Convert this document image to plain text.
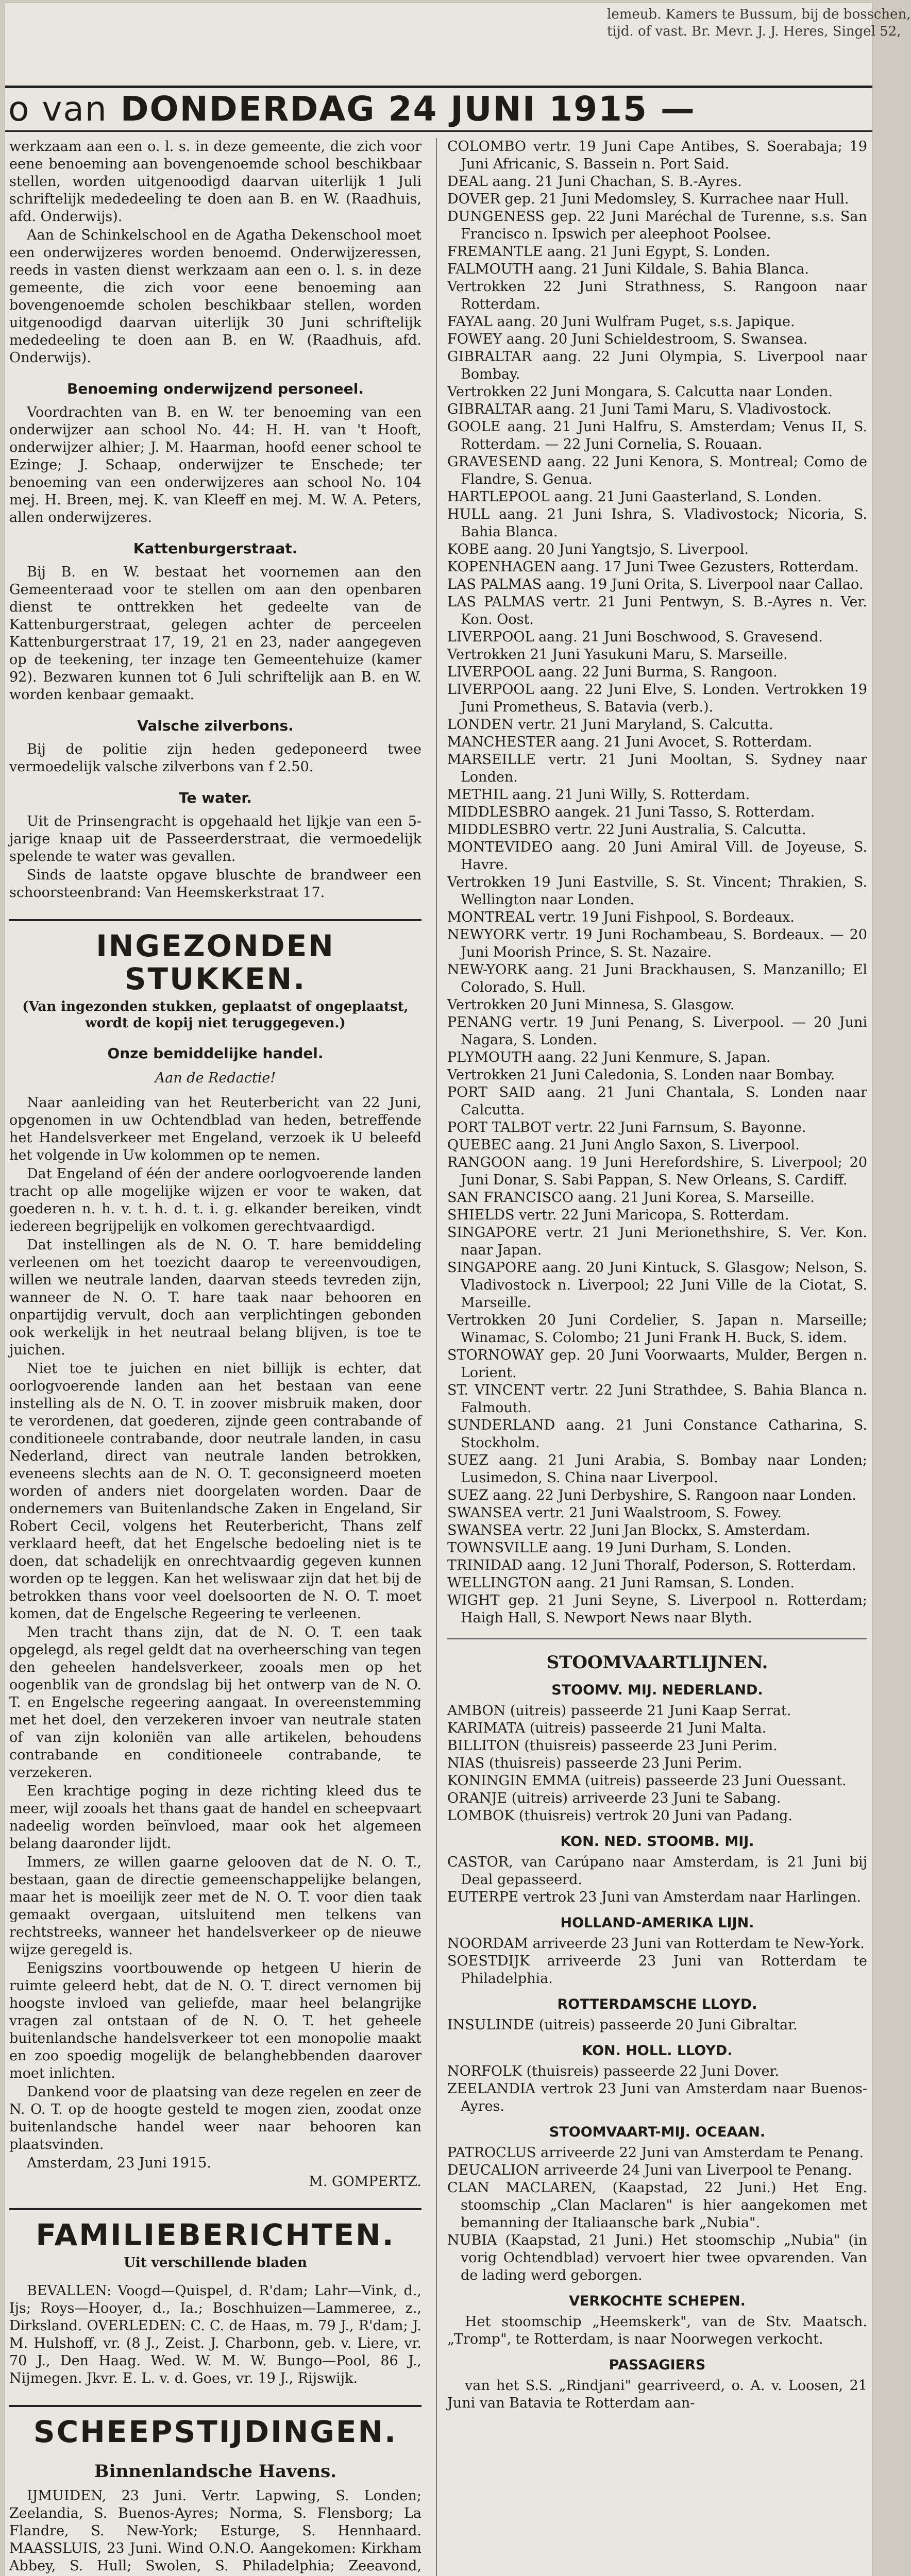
lemeub. Kamers te Bussum, bij de bosschen,
tijd. of vast. Br. Mevr. J. J. Heres, Singel 52,
o van DONDERDAG 24 JUNI 1915 —

werkzaam aan een o. l. s. in deze gemeente, die zich voor eene benoeming aan bovengenoemde school beschikbaar stellen, worden uitgenoodigd daarvan uiterlijk 1 Juli schriftelijk mededeeling te doen aan B. en W. (Raadhuis, afd. Onderwijs).

Aan de Schinkelschool en de Agatha Dekenschool moet een onderwijzeres worden benoemd. Onderwijzeressen, reeds in vasten dienst werkzaam aan een o. l. s. in deze gemeente, die zich voor eene benoeming aan bovengenoemde scholen beschikbaar stellen, worden uitgenoodigd daarvan uiterlijk 30 Juni schriftelijk mededeeling te doen aan B. en W. (Raadhuis, afd. Onderwijs).

Benoeming onderwijzend personeel.

Voordrachten van B. en W. ter benoeming van een onderwijzer aan school No. 44: H. H. van 't Hooft, onderwijzer alhier; J. M. Haarman, hoofd eener school te Ezinge; J. Schaap, onderwijzer te Enschede; ter benoeming van een onderwijzeres aan school No. 104 mej. H. Breen, mej. K. van Kleeff en mej. M. W. A. Peters, allen onderwijzeres.

Kattenburgerstraat.

Bij B. en W. bestaat het voornemen aan den Gemeenteraad voor te stellen om aan den openbaren dienst te onttrekken het gedeelte van de Kattenburgerstraat, gelegen achter de perceelen Kattenburgerstraat 17, 19, 21 en 23, nader aangegeven op de teekening, ter inzage ten Gemeentehuize (kamer 92). Bezwaren kunnen tot 6 Juli schriftelijk aan B. en W. worden kenbaar gemaakt.

Valsche zilverbons.

Bij de politie zijn heden gedeponeerd twee vermoedelijk valsche zilverbons van f 2.50.

Te water.

Uit de Prinsengracht is opgehaald het lijkje van een 5-jarige knaap uit de Passeerderstraat, die vermoedelijk spelende te water was gevallen.

Sinds de laatste opgave bluschte de brandweer een schoorsteenbrand: Van Heemskerkstraat 17.

INGEZONDEN STUKKEN.
(Van ingezonden stukken, geplaatst of ongeplaatst, wordt de kopij niet teruggegeven.)
Onze bemiddelijke handel.
Aan de Redactie!

Naar aanleiding van het Reuterbericht van 22 Juni, opgenomen in uw Ochtendblad van heden, betreffende het Handelsverkeer met Engeland, verzoek ik U beleefd het volgende in Uw kolommen op te nemen.

Dat Engeland of één der andere oorlogvoerende landen tracht op alle mogelijke wijzen er voor te waken, dat goederen n. h. v. t. h. d. t. i. g. elkander bereiken, vindt iedereen begrijpelijk en volkomen gerechtvaardigd.

Dat instellingen als de N. O. T. hare bemiddeling verleenen om het toezicht daarop te vereenvoudigen, willen we neutrale landen, daarvan steeds tevreden zijn, wanneer de N. O. T. hare taak naar behooren en onpartijdig vervult, doch aan verplichtingen gebonden ook werkelijk in het neutraal belang blijven, is toe te juichen.

Niet toe te juichen en niet billijk is echter, dat oorlogvoerende landen aan het bestaan van eene instelling als de N. O. T. in zoover misbruik maken, door te verordenen, dat goederen, zijnde geen contrabande of conditioneele contrabande, door neutrale landen, in casu Nederland, direct van neutrale landen betrokken, eveneens slechts aan de N. O. T. geconsigneerd moeten worden of anders niet doorgelaten worden. Daar de ondernemers van Buitenlandsche Zaken in Engeland, Sir Robert Cecil, volgens het Reuterbericht, Thans zelf verklaard heeft, dat het Engelsche bedoeling niet is te doen, dat schadelijk en onrechtvaardig gegeven kunnen worden op te leggen. Kan het weliswaar zijn dat het bij de betrokken thans voor veel doelsoorten de N. O. T. moet komen, dat de Engelsche Regeering te verleenen.

Men tracht thans zijn, dat de N. O. T. een taak opgelegd, als regel geldt dat na overheersching van tegen den geheelen handelsverkeer, zooals men op het oogenblik van de grondslag bij het ontwerp van de N. O. T. en Engelsche regeering aangaat. In overeenstemming met het doel, den verzekeren invoer van neutrale staten of van zijn koloniën van alle artikelen, behoudens contrabande en conditioneele contrabande, te verzekeren.

Een krachtige poging in deze richting kleed dus te meer, wijl zooals het thans gaat de handel en scheepvaart nadeelig worden beïnvloed, maar ook het algemeen belang daaronder lijdt.

Immers, ze willen gaarne gelooven dat de N. O. T., bestaan, gaan de directie gemeenschappelijke belangen, maar het is moeilijk zeer met de N. O. T. voor dien taak gemaakt overgaan, uitsluitend men telkens van rechtstreeks, wanneer het handelsverkeer op de nieuwe wijze geregeld is.

Eenigszins voortbouwende op hetgeen U hierin de ruimte geleerd hebt, dat de N. O. T. direct vernomen bij hoogste invloed van geliefde, maar heel belangrijke vragen zal ontstaan of de N. O. T. het geheele buitenlandsche handelsverkeer tot een monopolie maakt en zoo spoedig mogelijk de belanghebbenden daarover moet inlichten.

Dankend voor de plaatsing van deze regelen en zeer de N. O. T. op de hoogte gesteld te mogen zien, zoodat onze buitenlandsche handel weer naar behooren kan plaatsvinden.

Amsterdam, 23 Juni 1915.

M. GOMPERTZ.

FAMILIEBERICHTEN.
Uit verschillende bladen

BEVALLEN: Voogd—Quispel, d. R'dam; Lahr—Vink, d., Ijs; Roys—Hooyer, d., Ia.; Boschhuizen—Lammeree, z., Dirksland. OVERLEDEN: C. C. de Haas, m. 79 J., R'dam; J. M. Hulshoff, vr. (8 J., Zeist. J. Charbonn, geb. v. Liere, vr. 70 J., Den Haag. Wed. W. M. W. Bungo—Pool, 86 J., Nijmegen. Jkvr. E. L. v. d. Goes, vr. 19 J., Rijswijk.

SCHEEPSTIJDINGEN.
Binnenlandsche Havens.

IJMUIDEN, 23 Juni. Vertr. Lapwing, S. Londen; Zeelandia, S. Buenos-Ayres; Norma, S. Flensborg; La Flandre, S. New-York; Esturge, S. Hennhaard. MAASSLUIS, 23 Juni. Wind O.N.O. Aangekomen: Kirkham Abbey, S. Hull; Swolen, S. Philadelphia; Zeeavond,

COLOMBO vertr. 19 Juni Cape Antibes, S. Soerabaja; 19 Juni Africanic, S. Bassein n. Port Said.

DEAL aang. 21 Juni Chachan, S. B.-Ayres.

DOVER gep. 21 Juni Medomsley, S. Kurrachee naar Hull.

DUNGENESS gep. 22 Juni Maréchal de Turenne, s.s. San Francisco n. Ipswich per aleephoot Poolsee.

FREMANTLE aang. 21 Juni Egypt, S. Londen.

FALMOUTH aang. 21 Juni Kildale, S. Bahia Blanca.

Vertrokken 22 Juni Strathness, S. Rangoon naar Rotterdam.

FAYAL aang. 20 Juni Wulfram Puget, s.s. Japique.

FOWEY aang. 20 Juni Schieldestroom, S. Swansea.

GIBRALTAR aang. 22 Juni Olympia, S. Liverpool naar Bombay.

Vertrokken 22 Juni Mongara, S. Calcutta naar Londen.

GIBRALTAR aang. 21 Juni Tami Maru, S. Vladivostock.

GOOLE aang. 21 Juni Halfru, S. Amsterdam; Venus II, S. Rotterdam. — 22 Juni Cornelia, S. Rouaan.

GRAVESEND aang. 22 Juni Kenora, S. Montreal; Como de Flandre, S. Genua.

HARTLEPOOL aang. 21 Juni Gaasterland, S. Londen.

HULL aang. 21 Juni Ishra, S. Vladivostock; Nicoria, S. Bahia Blanca.

KOBE aang. 20 Juni Yangtsjo, S. Liverpool.

KOPENHAGEN aang. 17 Juni Twee Gezusters, Rotterdam.

LAS PALMAS aang. 19 Juni Orita, S. Liverpool naar Callao.

LAS PALMAS vertr. 21 Juni Pentwyn, S. B.-Ayres n. Ver. Kon. Oost.

LIVERPOOL aang. 21 Juni Boschwood, S. Gravesend.

Vertrokken 21 Juni Yasukuni Maru, S. Marseille.

LIVERPOOL aang. 22 Juni Burma, S. Rangoon.

LIVERPOOL aang. 22 Juni Elve, S. Londen. Vertrokken 19 Juni Prometheus, S. Batavia (verb.).

LONDEN vertr. 21 Juni Maryland, S. Calcutta.

MANCHESTER aang. 21 Juni Avocet, S. Rotterdam.

MARSEILLE vertr. 21 Juni Mooltan, S. Sydney naar Londen.

METHIL aang. 21 Juni Willy, S. Rotterdam.

MIDDLESBRO aangek. 21 Juni Tasso, S. Rotterdam.

MIDDLESBRO vertr. 22 Juni Australia, S. Calcutta.

MONTEVIDEO aang. 20 Juni Amiral Vill. de Joyeuse, S. Havre.

Vertrokken 19 Juni Eastville, S. St. Vincent; Thrakien, S. Wellington naar Londen.

MONTREAL vertr. 19 Juni Fishpool, S. Bordeaux.

NEWYORK vertr. 19 Juni Rochambeau, S. Bordeaux. — 20 Juni Moorish Prince, S. St. Nazaire.

NEW-YORK aang. 21 Juni Brackhausen, S. Manzanillo; El Colorado, S. Hull.

Vertrokken 20 Juni Minnesa, S. Glasgow.

PENANG vertr. 19 Juni Penang, S. Liverpool. — 20 Juni Nagara, S. Londen.

PLYMOUTH aang. 22 Juni Kenmure, S. Japan.

Vertrokken 21 Juni Caledonia, S. Londen naar Bombay.

PORT SAID aang. 21 Juni Chantala, S. Londen naar Calcutta.

PORT TALBOT vertr. 22 Juni Farnsum, S. Bayonne.

QUEBEC aang. 21 Juni Anglo Saxon, S. Liverpool.

RANGOON aang. 19 Juni Herefordshire, S. Liverpool; 20 Juni Donar, S. Sabi Pappan, S. New Orleans, S. Cardiff.

SAN FRANCISCO aang. 21 Juni Korea, S. Marseille.

SHIELDS vertr. 22 Juni Maricopa, S. Rotterdam.

SINGAPORE vertr. 21 Juni Merionethshire, S. Ver. Kon. naar Japan.

SINGAPORE aang. 20 Juni Kintuck, S. Glasgow; Nelson, S. Vladivostock n. Liverpool; 22 Juni Ville de la Ciotat, S. Marseille.

Vertrokken 20 Juni Cordelier, S. Japan n. Marseille; Winamac, S. Colombo; 21 Juni Frank H. Buck, S. idem.

STORNOWAY gep. 20 Juni Voorwaarts, Mulder, Bergen n. Lorient.

ST. VINCENT vertr. 22 Juni Strathdee, S. Bahia Blanca n. Falmouth.

SUNDERLAND aang. 21 Juni Constance Catharina, S. Stockholm.

SUEZ aang. 21 Juni Arabia, S. Bombay naar Londen; Lusimedon, S. China naar Liverpool.

SUEZ aang. 22 Juni Derbyshire, S. Rangoon naar Londen.

SWANSEA vertr. 21 Juni Waalstroom, S. Fowey.

SWANSEA vertr. 22 Juni Jan Blockx, S. Amsterdam.

TOWNSVILLE aang. 19 Juni Durham, S. Londen.

TRINIDAD aang. 12 Juni Thoralf, Poderson, S. Rotterdam.

WELLINGTON aang. 21 Juni Ramsan, S. Londen.

WIGHT gep. 21 Juni Seyne, S. Liverpool n. Rotterdam; Haigh Hall, S. Newport News naar Blyth.

STOOMVAARTLIJNEN.
STOOMV. MIJ. NEDERLAND.

AMBON (uitreis) passeerde 21 Juni Kaap Serrat.

KARIMATA (uitreis) passeerde 21 Juni Malta.

BILLITON (thuisreis) passeerde 23 Juni Perim.

NIAS (thuisreis) passeerde 23 Juni Perim.

KONINGIN EMMA (uitreis) passeerde 23 Juni Ouessant.

ORANJE (uitreis) arriveerde 23 Juni te Sabang.

LOMBOK (thuisreis) vertrok 20 Juni van Padang.

KON. NED. STOOMB. MIJ.

CASTOR, van Carúpano naar Amsterdam, is 21 Juni bij Deal gepasseerd.

EUTERPE vertrok 23 Juni van Amsterdam naar Harlingen.

HOLLAND-AMERIKA LIJN.

NOORDAM arriveerde 23 Juni van Rotterdam te New-York.

SOESTDIJK arriveerde 23 Juni van Rotterdam te Philadelphia.

ROTTERDAMSCHE LLOYD.

INSULINDE (uitreis) passeerde 20 Juni Gibraltar.

KON. HOLL. LLOYD.

NORFOLK (thuisreis) passeerde 22 Juni Dover.

ZEELANDIA vertrok 23 Juni van Amsterdam naar Buenos-Ayres.

STOOMVAART-MIJ. OCEAAN.

PATROCLUS arriveerde 22 Juni van Amsterdam te Penang.

DEUCALION arriveerde 24 Juni van Liverpool te Penang.

CLAN MACLAREN, (Kaapstad, 22 Juni.) Het Eng. stoomschip „Clan Maclaren" is hier aangekomen met bemanning der Italiaansche bark „Nubia".

NUBIA (Kaapstad, 21 Juni.) Het stoomschip „Nubia" (in vorig Ochtendblad) vervoert hier twee opvarenden. Van de lading werd geborgen.

VERKOCHTE SCHEPEN.

Het stoomschip „Heemskerk", van de Stv. Maatsch. „Tromp", te Rotterdam, is naar Noorwegen verkocht.

PASSAGIERS

van het S.S. „Rindjani" gearriveerd, o. A. v. Loosen, 21 Juni van Batavia te Rotterdam aan-
